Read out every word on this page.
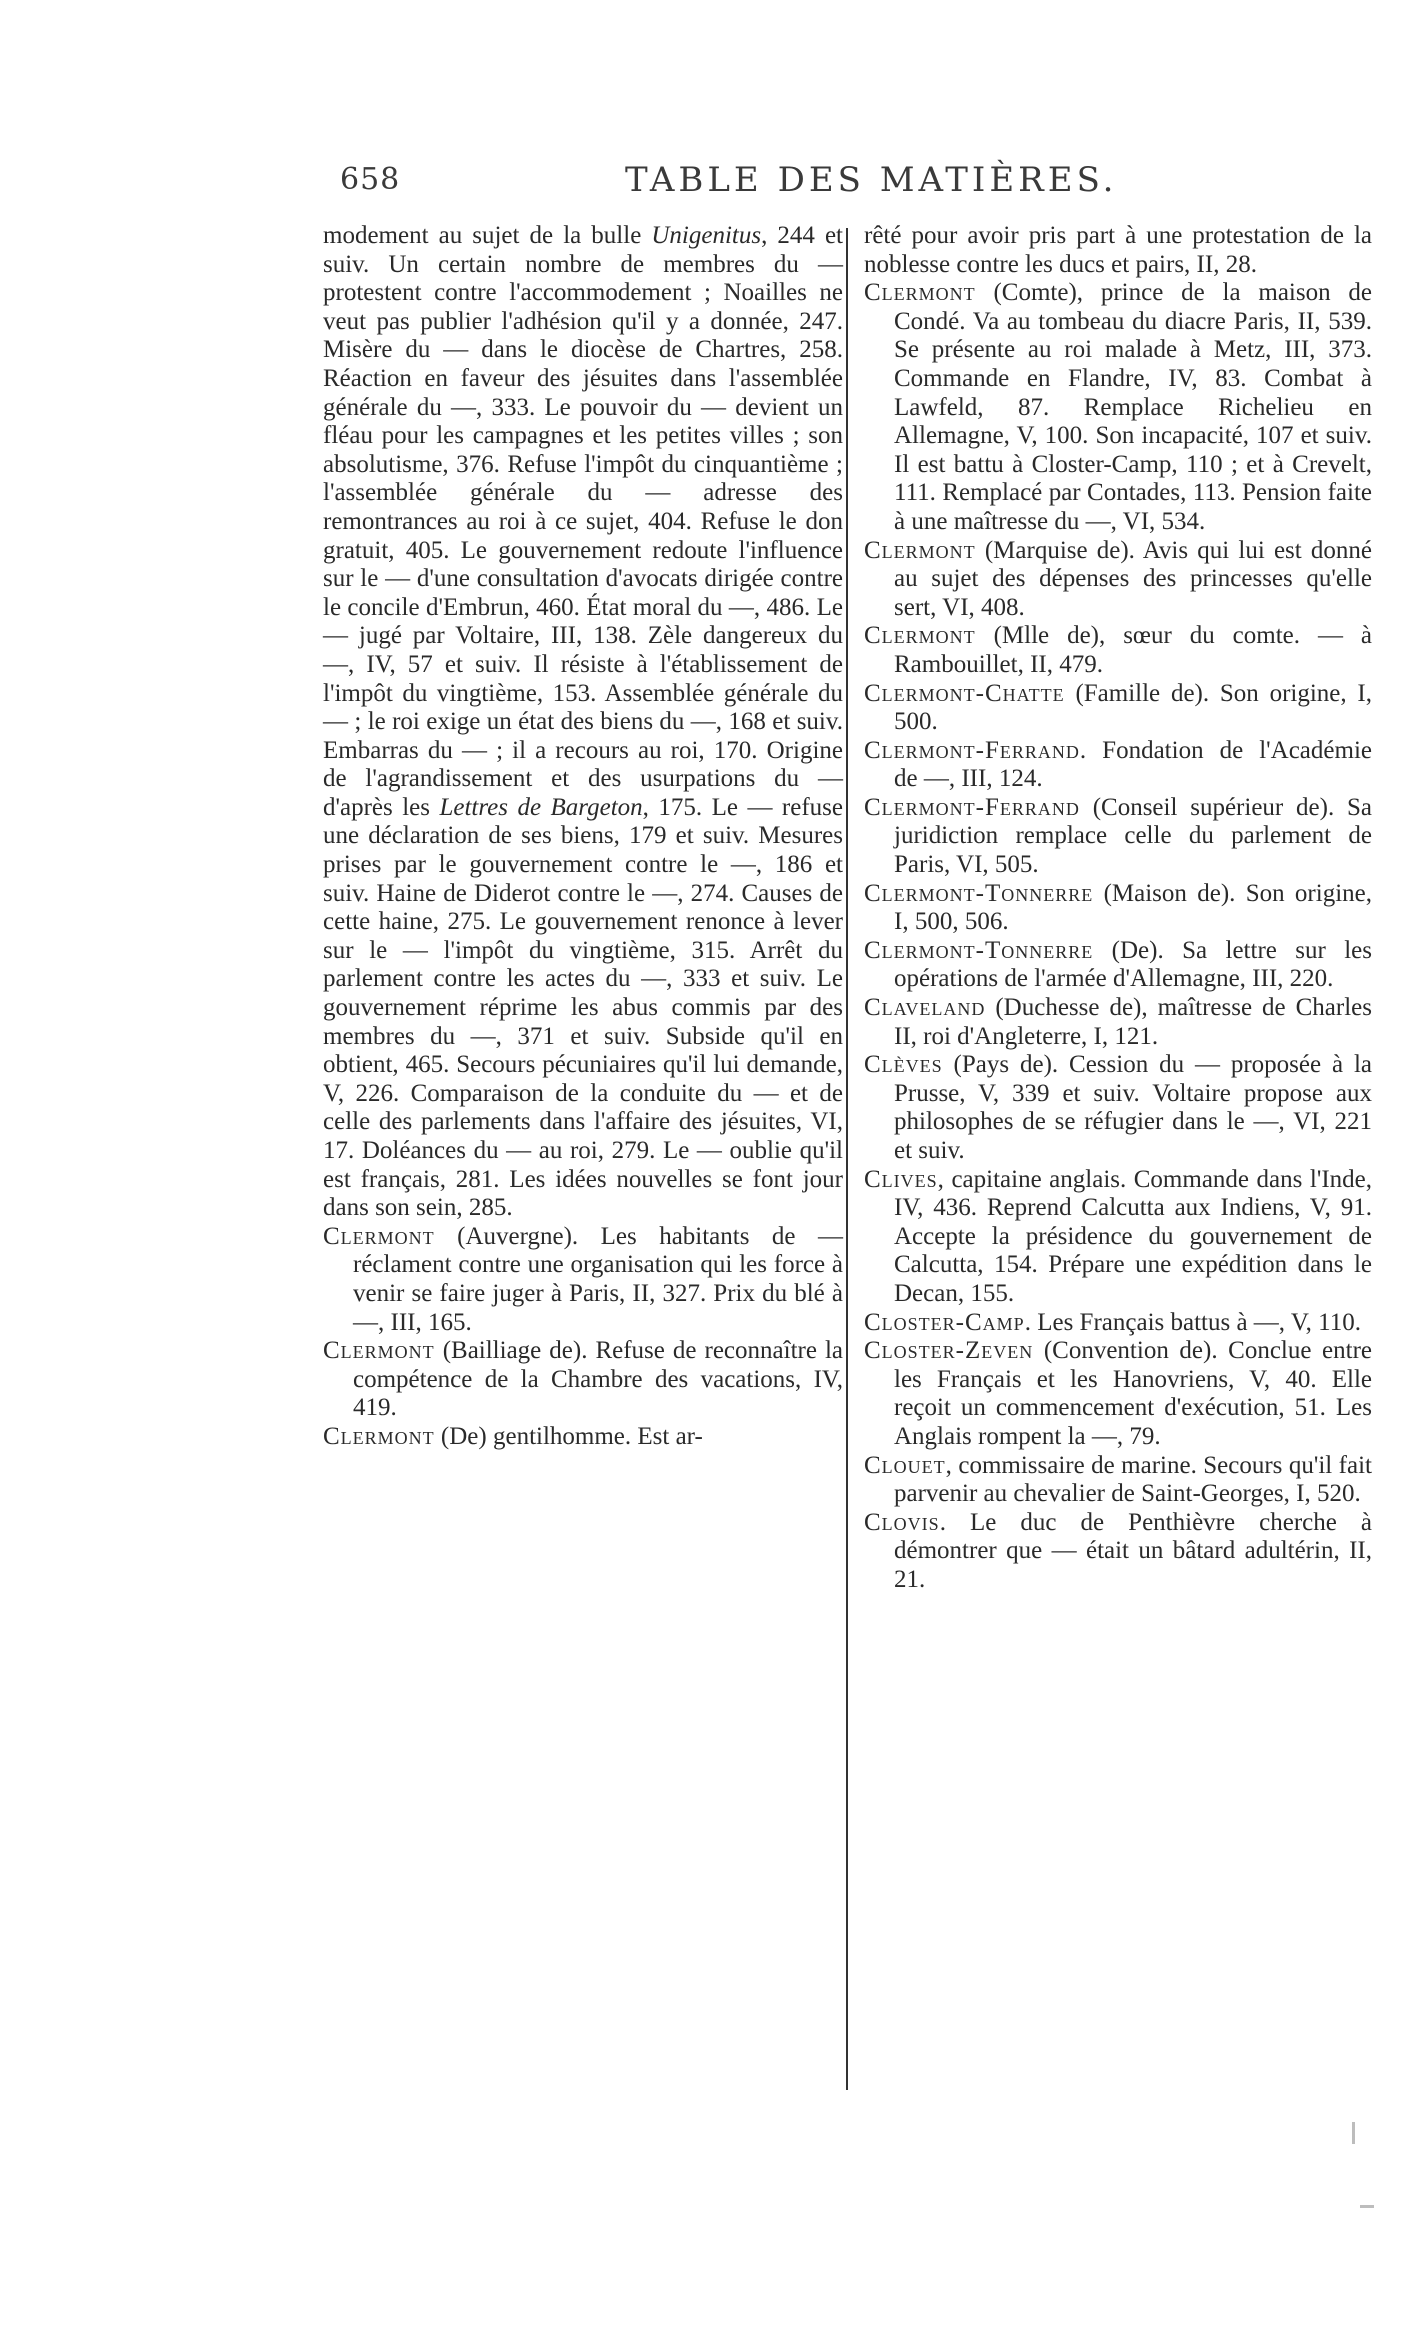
658	TABLE DES MATIÈRES.

modement au sujet de la bulle Unigenitus, 244 et suiv. Un certain nombre de membres du — protestent contre l'accommodement ; Noailles ne veut pas publier l'adhésion qu'il y a donnée, 247. Misère du — dans le diocèse de Chartres, 258. Réaction en faveur des jésuites dans l'assemblée générale du —, 333. Le pouvoir du — devient un fléau pour les campagnes et les petites villes ; son absolutisme, 376. Refuse l'impôt du cinquantième ; l'assemblée générale du — adresse des remontrances au roi à ce sujet, 404. Refuse le don gratuit, 405. Le gouvernement redoute l'influence sur le — d'une consultation d'avocats dirigée contre le concile d'Embrun, 460. État moral du —, 486. Le — jugé par Voltaire, III, 138. Zèle dangereux du —, IV, 57 et suiv. Il résiste à l'établissement de l'impôt du vingtième, 153. Assemblée générale du — ; le roi exige un état des biens du —, 168 et suiv. Embarras du — ; il a recours au roi, 170. Origine de l'agrandissement et des usurpations du — d'après les Lettres de Bargeton, 175. Le — refuse une déclaration de ses biens, 179 et suiv. Mesures prises par le gouvernement contre le —, 186 et suiv. Haine de Diderot contre le —, 274. Causes de cette haine, 275. Le gouvernement renonce à lever sur le — l'impôt du vingtième, 315. Arrêt du parlement contre les actes du —, 333 et suiv. Le gouvernement réprime les abus commis par des membres du —, 371 et suiv. Subside qu'il en obtient, 465. Secours pécuniaires qu'il lui demande, V, 226. Comparaison de la conduite du — et de celle des parlements dans l'affaire des jésuites, VI, 17. Doléances du — au roi, 279. Le — oublie qu'il est français, 281. Les idées nouvelles se font jour dans son sein, 285.

Clermont (Auvergne). Les habitants de — réclament contre une organisation qui les force à venir se faire juger à Paris, II, 327. Prix du blé à —, III, 165.

Clermont (Bailliage de). Refuse de reconnaître la compétence de la Chambre des vacations, IV, 419.

Clermont (De) gentilhomme. Est ar-

rêté pour avoir pris part à une protestation de la noblesse contre les ducs et pairs, II, 28.

Clermont (Comte), prince de la maison de Condé. Va au tombeau du diacre Paris, II, 539. Se présente au roi malade à Metz, III, 373. Commande en Flandre, IV, 83. Combat à Lawfeld, 87. Remplace Richelieu en Allemagne, V, 100. Son incapacité, 107 et suiv. Il est battu à Closter-Camp, 110 ; et à Crevelt, 111. Remplacé par Contades, 113. Pension faite à une maîtresse du —, VI, 534.

Clermont (Marquise de). Avis qui lui est donné au sujet des dépenses des princesses qu'elle sert, VI, 408.

Clermont (Mlle de), sœur du comte. — à Rambouillet, II, 479.

Clermont-Chatte (Famille de). Son origine, I, 500.

Clermont-Ferrand. Fondation de l'Académie de —, III, 124.

Clermont-Ferrand (Conseil supérieur de). Sa juridiction remplace celle du parlement de Paris, VI, 505.

Clermont-Tonnerre (Maison de). Son origine, I, 500, 506.

Clermont-Tonnerre (De). Sa lettre sur les opérations de l'armée d'Allemagne, III, 220.

Claveland (Duchesse de), maîtresse de Charles II, roi d'Angleterre, I, 121.

Clèves (Pays de). Cession du — proposée à la Prusse, V, 339 et suiv. Voltaire propose aux philosophes de se réfugier dans le —, VI, 221 et suiv.

Clives, capitaine anglais. Commande dans l'Inde, IV, 436. Reprend Calcutta aux Indiens, V, 91. Accepte la présidence du gouvernement de Calcutta, 154. Prépare une expédition dans le Decan, 155.

Closter-Camp. Les Français battus à —, V, 110.

Closter-Zeven (Convention de). Conclue entre les Français et les Hanovriens, V, 40. Elle reçoit un commencement d'exécution, 51. Les Anglais rompent la —, 79.

Clouet, commissaire de marine. Secours qu'il fait parvenir au chevalier de Saint-Georges, I, 520.

Clovis. Le duc de Penthièvre cherche à démontrer que — était un bâtard adultérin, II, 21.
